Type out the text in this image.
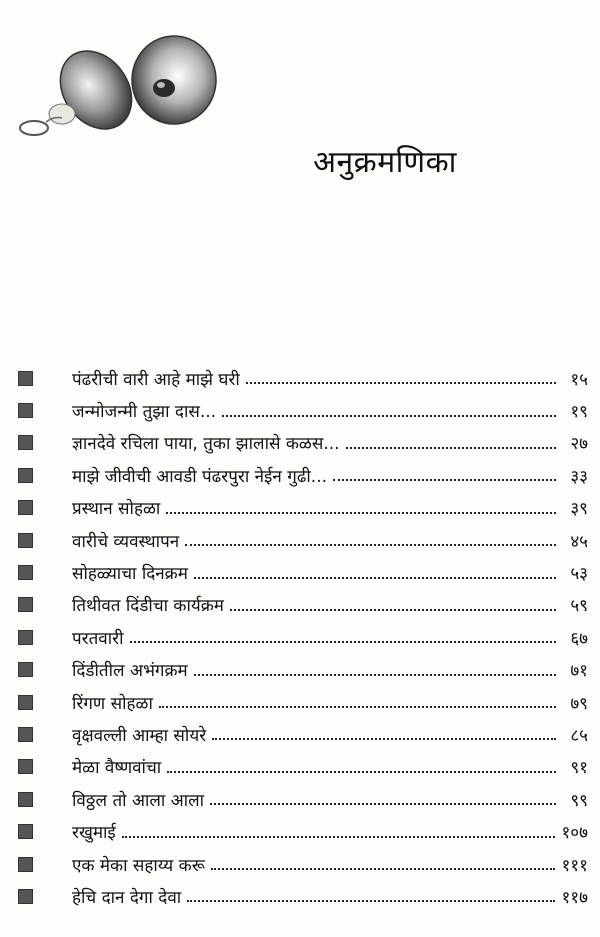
अनुक्रमणिका
पंढरीची वारी आहे माझे घरी	१५
जन्मोजन्मी तुझा दास...	१९
ज्ञानदेवे रचिला पाया, तुका झालासे कळस...	२७
माझे जीवीची आवडी पंढरपुरा नेईन गुढी...	३३
प्रस्थान सोहळा	३९
वारीचे व्यवस्थापन	४५
सोहळ्याचा दिनक्रम	५३
तिथीवत दिंडीचा कार्यक्रम	५९
परतवारी	६७
दिंडीतील अभंगक्रम	७१
रिंगण सोहळा	७९
वृक्षवल्ली आम्हा सोयरे	८५
मेळा वैष्णवांचा	९१
विठ्ठल तो आला आला	९९
रखुमाई	१०७
एक मेका सहाय्य करू	१११
हेचि दान देगा देवा	११७
